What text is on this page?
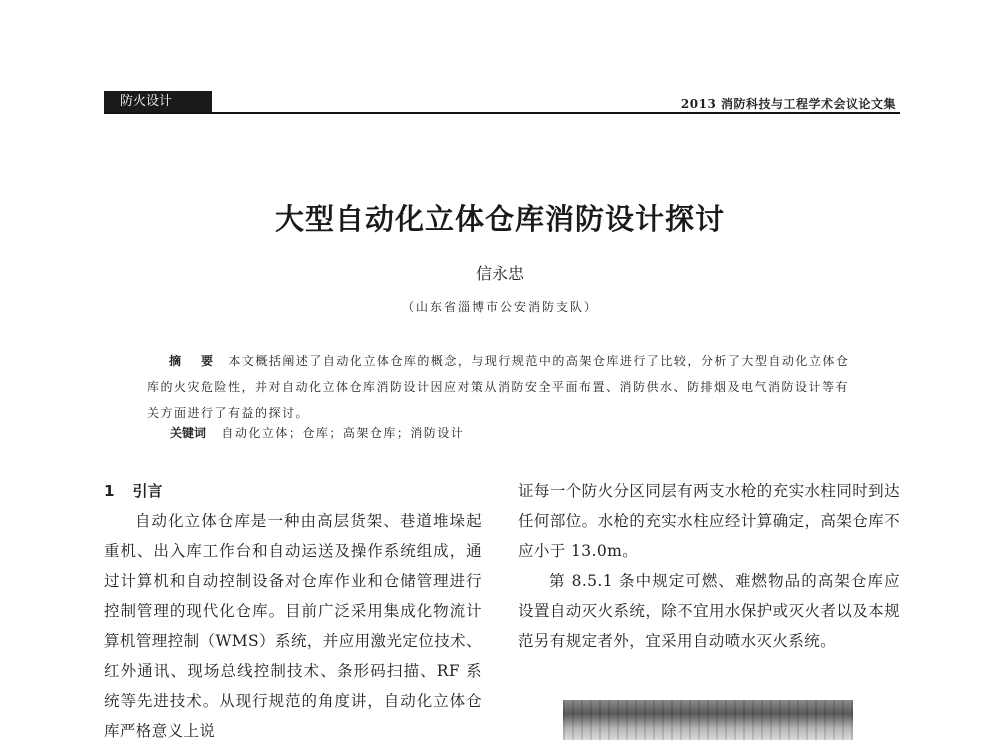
防火设计	2013 消防科技与工程学术会议论文集
大型自动化立体仓库消防设计探讨
信永忠
（山东省淄博市公安消防支队）
摘　要 本文概括阐述了自动化立体仓库的概念，与现行规范中的高架仓库进行了比较，分析了大型自动化立体仓库的火灾危险性，并对自动化立体仓库消防设计因应对策从消防安全平面布置、消防供水、防排烟及电气消防设计等有关方面进行了有益的探讨。
关键词 自动化立体；仓库；高架仓库；消防设计
1 引言
自动化立体仓库是一种由高层货架、巷道堆垛起重机、出入库工作台和自动运送及操作系统组成，通过计算机和自动控制设备对仓库作业和仓储管理进行控制管理的现代化仓库。目前广泛采用集成化物流计算机管理控制（WMS）系统，并应用激光定位技术、红外通讯、现场总线控制技术、条形码扫描、RF 系统等先进技术。从现行规范的角度讲，自动化立体仓库严格意义上说
证每一个防火分区同层有两支水枪的充实水柱同时到达任何部位。水枪的充实水柱应经计算确定，高架仓库不应小于 13.0m。
第 8.5.1 条中规定可燃、难燃物品的高架仓库应设置自动灭火系统，除不宜用水保护或灭火者以及本规范另有规定者外，宜采用自动喷水灭火系统。
